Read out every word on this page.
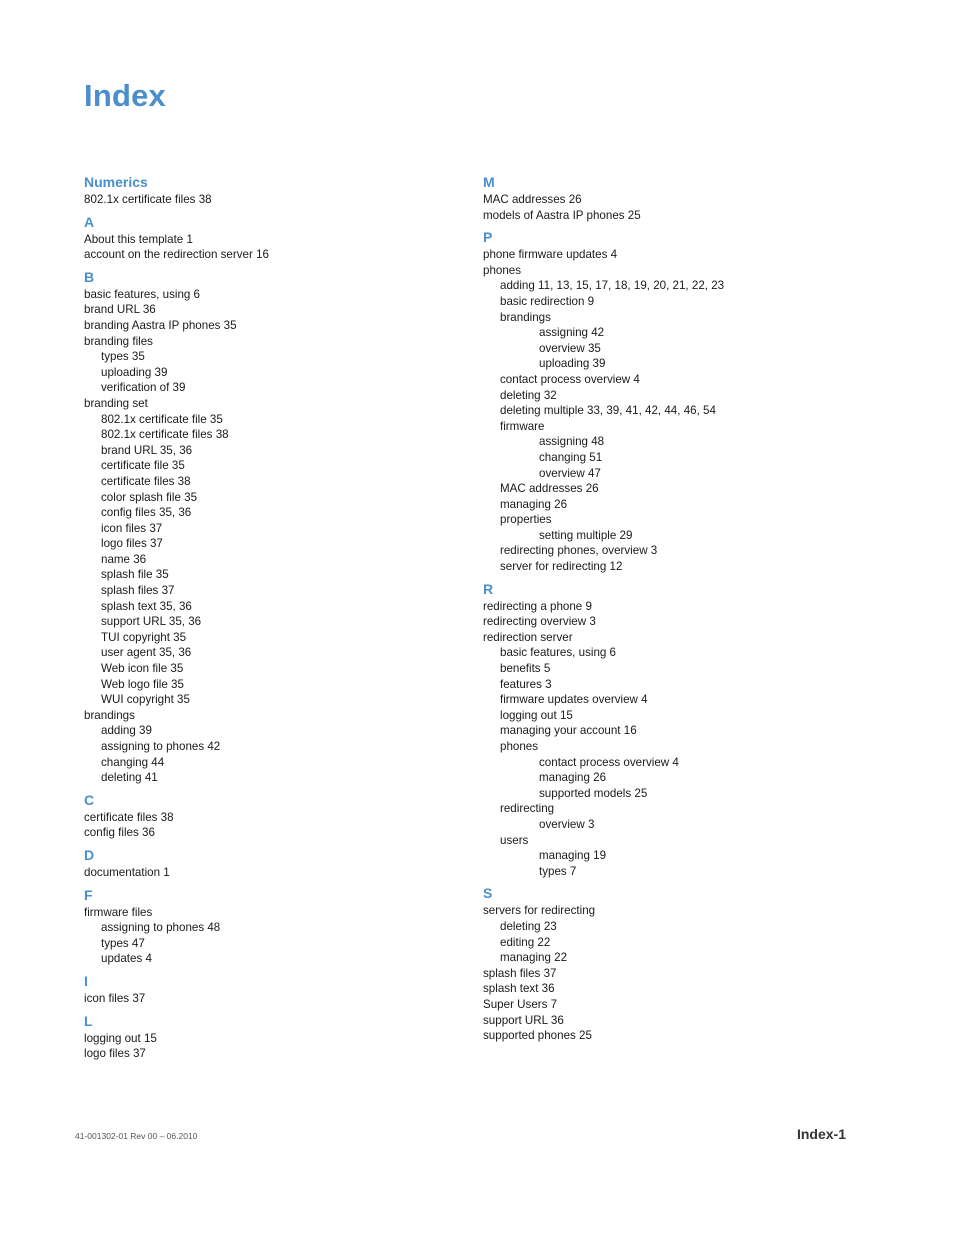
Index
Numerics
802.1x certificate files 38
A
About this template 1
account on the redirection server 16
B
basic features, using 6
brand URL 36
branding Aastra IP phones 35
branding files
types 35
uploading 39
verification of 39
branding set
802.1x certificate file 35
802.1x certificate files 38
brand URL 35, 36
certificate file 35
certificate files 38
color splash file 35
config files 35, 36
icon files 37
logo files 37
name 36
splash file 35
splash files 37
splash text 35, 36
support URL 35, 36
TUI copyright 35
user agent 35, 36
Web icon file 35
Web logo file 35
WUI copyright 35
brandings
adding 39
assigning to phones 42
changing 44
deleting 41
C
certificate files 38
config files 36
D
documentation 1
F
firmware files
assigning to phones 48
types 47
updates 4
I
icon files 37
L
logging out 15
logo files 37
M
MAC addresses 26
models of Aastra IP phones 25
P
phone firmware updates 4
phones
adding 11, 13, 15, 17, 18, 19, 20, 21, 22, 23
basic redirection 9
brandings
assigning 42
overview 35
uploading 39
contact process overview 4
deleting 32
deleting multiple 33, 39, 41, 42, 44, 46, 54
firmware
assigning 48
changing 51
overview 47
MAC addresses 26
managing 26
properties
setting multiple 29
redirecting phones, overview 3
server for redirecting 12
R
redirecting a phone 9
redirecting overview 3
redirection server
basic features, using 6
benefits 5
features 3
firmware updates overview 4
logging out 15
managing your account 16
phones
contact process overview 4
managing 26
supported models 25
redirecting
overview 3
users
managing 19
types 7
S
servers for redirecting
deleting 23
editing 22
managing 22
splash files 37
splash text 36
Super Users 7
support URL 36
supported phones 25
41-001302-01 Rev 00 – 06.2010	Index-1
